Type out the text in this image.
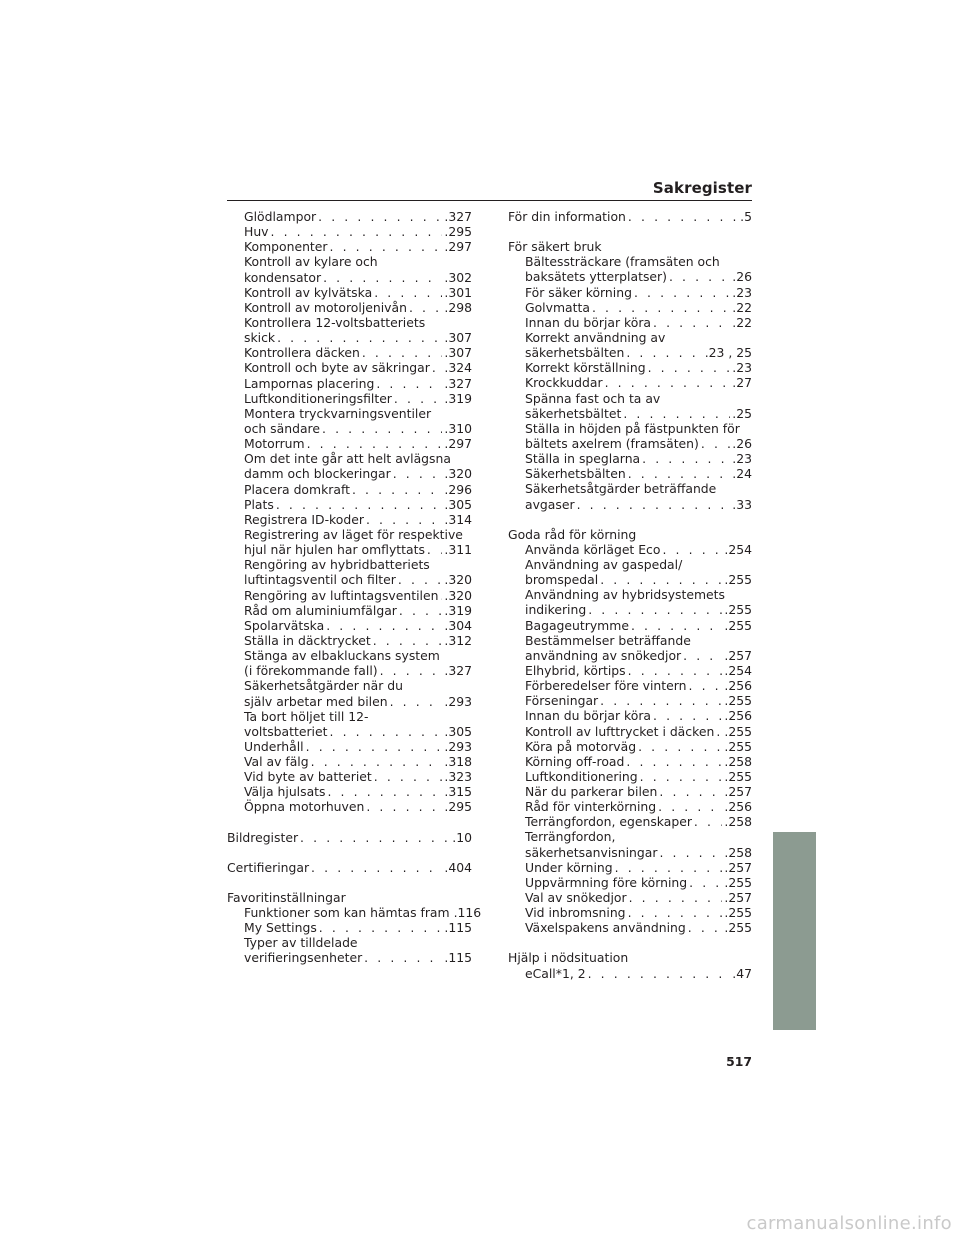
Sakregister
Glödlampor . . .	.327
Huv . . .	.295
Komponenter . . .	.297
Kontroll av kylare och
kondensator . . .	.302
Kontroll av kylvätska . . .	.301
Kontroll av motoroljenivån . . .	.298
Kontrollera 12-voltsbatteriets
skick . . .	.307
Kontrollera däcken . . .	.307
Kontroll och byte av säkringar . . . .324
Lampornas placering . . .	.327
Luftkonditioneringsfilter . . .	.319
Montera tryckvarningsventiler
och sändare . . .	.310
Motorrum . . .	.297
Om det inte går att helt avlägsna
damm och blockeringar . . .	.320
Placera domkraft . . .	.296
Plats . . .	.305
Registrera ID-koder . . .	.314
Registrering av läget för respektive
hjul när hjulen har omflyttats . . . .311
Rengöring av hybridbatteriets
luftintagsventil och filter . . .	.320
Rengöring av luftintagsventilen . . . .320
Råd om aluminiumfälgar . . .	.319
Spolarvätska . . .	.304
Ställa in däcktrycket . . .	.312
Stänga av elbakluckans system
(i förekommande fall) . . .	.327
Säkerhetsåtgärder när du
själv arbetar med bilen . . .	.293
Ta bort höljet till 12-
voltsbatteriet . . .	.305
Underhåll . . .	.293
Val av fälg . . .	.318
Vid byte av batteriet . . .	.323
Välja hjulsats . . .	.315
Öppna motorhuven . . .	.295
Bildregister . . .	.10
Certifieringar . . .	.404
Favoritinställningar
Funktioner som kan hämtas fram .116
My Settings . . .	.115
Typer av tilldelade
verifieringsenheter . . .	.115
För din information . . .	.5
För säkert bruk
Bältessträckare (framsäten och
baksätets ytterplatser) . . .	.26
För säker körning . . .	.23
Golvmatta . . .	.22
Innan du börjar köra . . .	.22
Korrekt användning av
säkerhetsbälten . . .	.23 , 25
Korrekt körställning . . .	.23
Krockkuddar . . .	.27
Spänna fast och ta av
säkerhetsbältet . . .	.25
Ställa in höjden på fästpunkten för
bältets axelrem (framsäten) . . .	.26
Ställa in speglarna . . .	.23
Säkerhetsbälten . . .	.24
Säkerhetsåtgärder beträffande
avgaser . . .	.33
Goda råd för körning
Använda körläget Eco . . .	.254
Användning av gaspedal/
bromspedal . . .	.255
Användning av hybridsystemets
indikering . . .	.255
Bagageutrymme . . .	.255
Bestämmelser beträffande
användning av snökedjor . . .	.257
Elhybrid, körtips . . .	.254
Förberedelser före vintern . . .	.256
Förseningar . . .	.255
Innan du börjar köra . . .	.256
Kontroll av lufttrycket i däcken . . . .255
Köra på motorväg . . .	.255
Körning off-road . . .	.258
Luftkonditionering . . .	.255
När du parkerar bilen . . .	.257
Råd för vinterkörning . . .	.256
Terrängfordon, egenskaper . . .	.258
Terrängfordon,
säkerhetsanvisningar . . .	.258
Under körning . . .	.257
Uppvärmning före körning . . .	.255
Val av snökedjor . . .	.257
Vid inbromsning . . .	.255
Växelspakens användning . . .	.255
Hjälp i nödsituation
eCall*1, 2 . . .	.47
517
carmanualsonline.info
